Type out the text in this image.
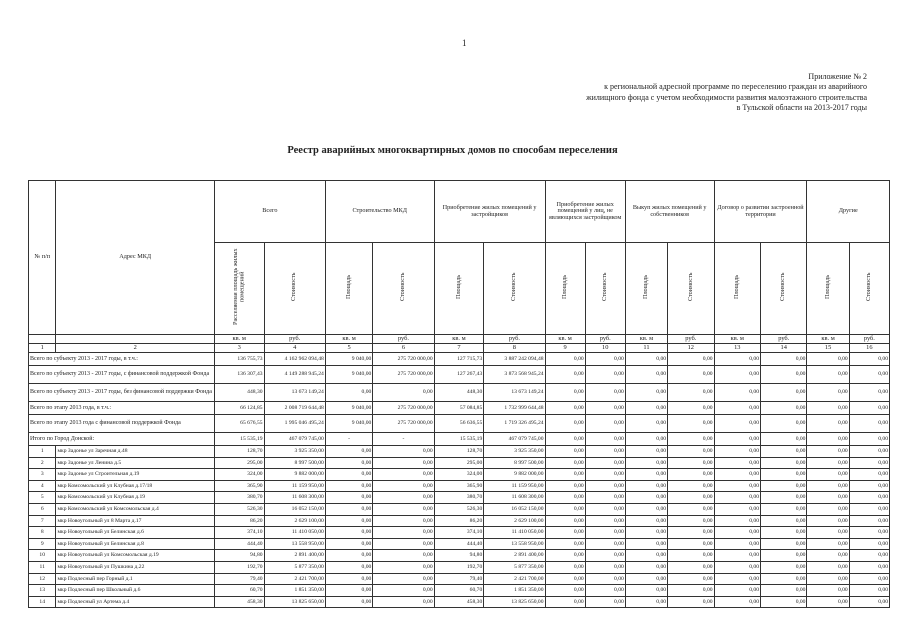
1
Приложение № 2
к региональной адресной программе по переселению граждан из аварийного
жилищного фонда с учетом необходимости развития малоэтажного строительства
в Тульской области на 2013-2017 годы
Реестр аварийных многоквартирных домов по способам переселения
№ п/п	Адрес МКД	Всего		Строительство МКД		Приобретение жилых помещений у застройщиков		Приобретение жилых помещений у лиц, не являющихся застройщиком		Выкуп жилых помещений у собственников		Договор о развитии застроенной территории		Другие	
		Расселяемая площадь жилых помещений	Стоимость	Площадь	Стоимость	Площадь	Стоимость	Площадь	Стоимость	Площадь	Стоимость	Площадь	Стоимость	Площадь	Стоимость
		кв. м	руб.	кв. м	руб.	кв. м	руб.	кв. м	руб.	кв. м	руб.	кв. м	руб.	кв. м	руб.
1	2	3	4	5	6	7	8	9	10	11	12	13	14	15	16
Всего по субъекту 2013 - 2017 годы, в т.ч.:		136 755,73	4 162 962 094,48	9 040,00	275 720 000,00	127 715,73	3 887 242 094,48	0,00	0,00	0,00	0,00	0,00	0,00	0,00	0,00
Всего по субъекту 2013 - 2017 годы, с финансовой поддержкой Фонда		136 307,43	4 149 288 945,24	9 040,00	275 720 000,00	127 267,43	3 873 568 945,24	0,00	0,00	0,00	0,00	0,00	0,00	0,00	0,00
Всего по субъекту 2013 - 2017 годы, без финансовой поддержки Фонда		448,30	13 673 149,24	0,00	0,00	448,30	13 673 149,24	0,00	0,00	0,00	0,00	0,00	0,00	0,00	0,00
Всего по этапу 2013 года, в т.ч.:		66 124,85	2 008 719 644,48	9 040,00	275 720 000,00	57 084,85	1 732 999 644,48	0,00	0,00	0,00	0,00	0,00	0,00	0,00	0,00
Всего по этапу 2013 года с финансовой поддержкой Фонда		65 676,55	1 995 046 495,24	9 040,00	275 720 000,00	56 636,55	1 719 326 495,24	0,00	0,00	0,00	0,00	0,00	0,00	0,00	0,00
Итого по Город Донской:		15 535,19	467 079 745,00	-	-	15 535,19	467 079 745,00	0,00	0,00	0,00	0,00	0,00	0,00	0,00	0,00
1	мкр Задонье ул Заречная д.48	128,70	3 925 350,00	0,00	0,00	128,70	3 925 350,00	0,00	0,00	0,00	0,00	0,00	0,00	0,00	0,00
2	мкр Задонье ул Ленина д.5	295,00	8 997 500,00	0,00	0,00	295,00	8 997 500,00	0,00	0,00	0,00	0,00	0,00	0,00	0,00	0,00
3	мкр Задонье ул Строительная д.19	324,00	9 882 000,00	0,00	0,00	324,00	9 882 000,00	0,00	0,00	0,00	0,00	0,00	0,00	0,00	0,00
4	мкр Комсомольский ул Клубная д.17/18	365,90	11 159 950,00	0,00	0,00	365,90	11 159 950,00	0,00	0,00	0,00	0,00	0,00	0,00	0,00	0,00
5	мкр Комсомольский ул Клубная д.19	380,70	11 608 300,00	0,00	0,00	380,70	11 608 300,00	0,00	0,00	0,00	0,00	0,00	0,00	0,00	0,00
6	мкр Комсомольский ул Комсомольская д.4	526,30	16 052 150,00	0,00	0,00	526,30	16 052 150,00	0,00	0,00	0,00	0,00	0,00	0,00	0,00	0,00
7	мкр Новоугольный ул 8 Марта д.17	86,20	2 629 100,00	0,00	0,00	86,20	2 629 100,00	0,00	0,00	0,00	0,00	0,00	0,00	0,00	0,00
8	мкр Новоугольный ул Белинская д.6	374,10	11 410 050,00	0,00	0,00	374,10	11 410 050,00	0,00	0,00	0,00	0,00	0,00	0,00	0,00	0,00
9	мкр Новоугольный ул Белинская д.8	444,40	13 558 950,00	0,00	0,00	444,40	13 558 950,00	0,00	0,00	0,00	0,00	0,00	0,00	0,00	0,00
10	мкр Новоугольный ул Комсомольская д.19	94,80	2 891 400,00	0,00	0,00	94,80	2 891 400,00	0,00	0,00	0,00	0,00	0,00	0,00	0,00	0,00
11	мкр Новоугольный ул Пушкина д.22	192,70	5 877 350,00	0,00	0,00	192,70	5 877 350,00	0,00	0,00	0,00	0,00	0,00	0,00	0,00	0,00
12	мкр Подлесный пер Горный д.1	79,40	2 421 700,00	0,00	0,00	79,40	2 421 700,00	0,00	0,00	0,00	0,00	0,00	0,00	0,00	0,00
13	мкр Подлесный пер Школьный д.6	60,70	1 851 350,00	0,00	0,00	60,70	1 851 350,00	0,00	0,00	0,00	0,00	0,00	0,00	0,00	0,00
14	мкр Подлесный ул Артема д.4	458,30	13 825 650,00	0,00	0,00	458,30	13 825 650,00	0,00	0,00	0,00	0,00	0,00	0,00	0,00	0,00
